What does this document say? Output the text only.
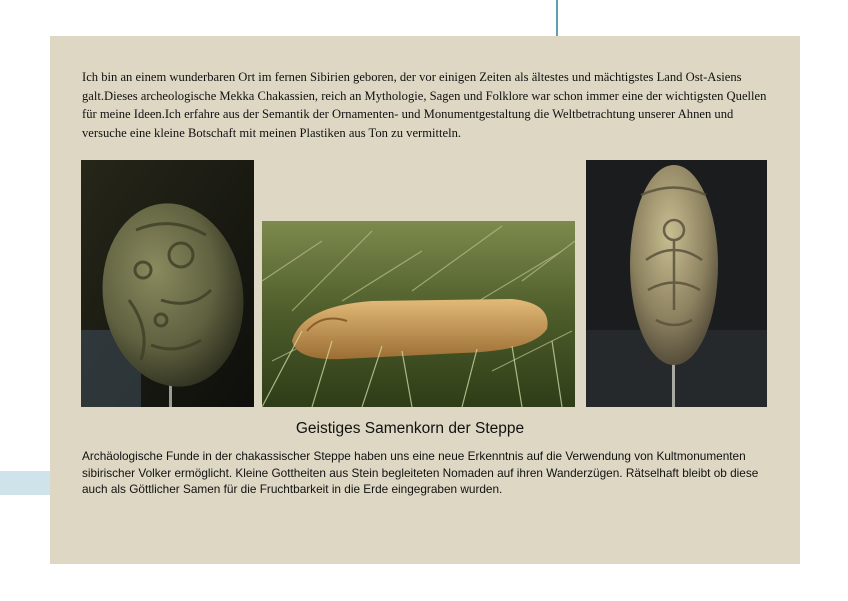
Ich bin an einem wunderbaren Ort im fernen Sibirien geboren, der vor einigen Zeiten als ältestes und mächtigstes Land Ost-Asiens galt.Dieses archeologische Mekka Chakassien, reich an Mythologie, Sagen und Folklore war schon immer eine der wichtigsten Quellen für meine Ideen.Ich erfahre aus der Semantik der Ornamenten- und Monumentgestaltung die Weltbetrachtung unserer Ahnen und versuche eine kleine Botschaft mit meinen Plastiken aus Ton zu vermitteln.

Geistiges Samenkorn der Steppe

Archäologische Funde in der chakassischer Steppe haben uns eine neue Erkenntnis auf die Verwendung von Kultmonumenten sibirischer Volker ermöglicht. Kleine Gottheiten aus Stein begleiteten Nomaden auf ihren Wanderzügen. Rätselhaft bleibt ob diese auch als Göttlicher Samen für die Fruchtbarkeit in die Erde eingegraben wurden.
